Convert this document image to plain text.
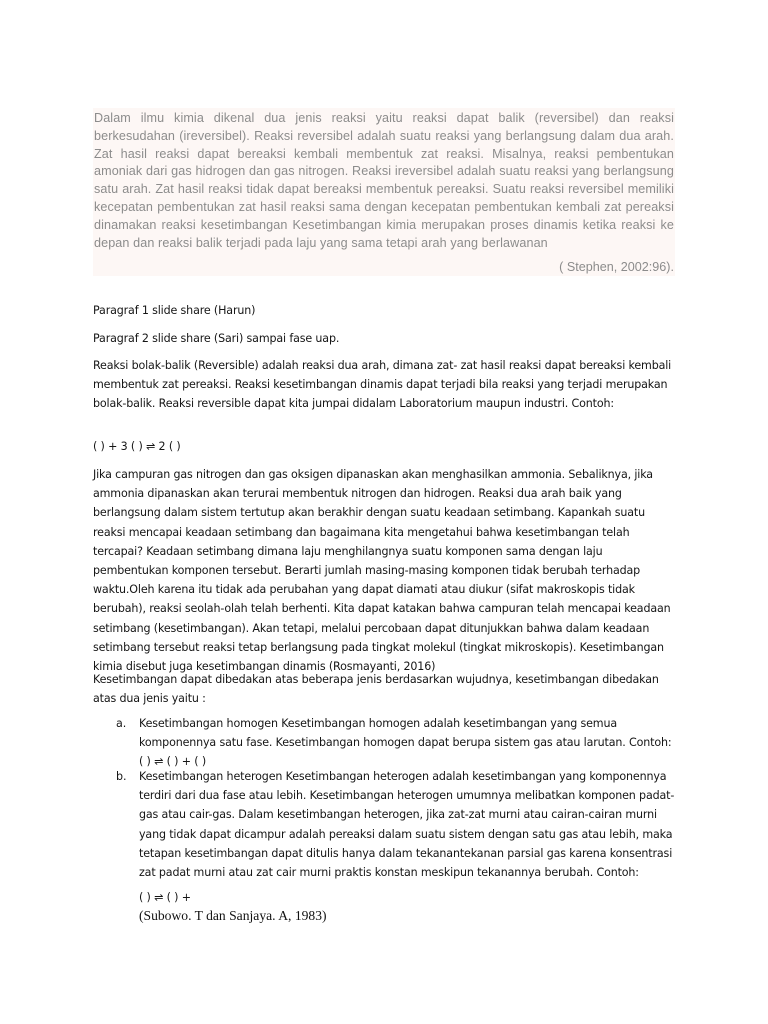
Dalam ilmu kimia dikenal dua jenis reaksi yaitu reaksi dapat balik (reversibel) dan reaksi berkesudahan (ireversibel). Reaksi reversibel adalah suatu reaksi yang berlangsung dalam dua arah. Zat hasil reaksi dapat bereaksi kembali membentuk zat reaksi. Misalnya, reaksi pembentukan amoniak dari gas hidrogen dan gas nitrogen. Reaksi ireversibel adalah suatu reaksi yang berlangsung satu arah. Zat hasil reaksi tidak dapat bereaksi membentuk pereaksi. Suatu reaksi reversibel memiliki kecepatan pembentukan zat hasil reaksi sama dengan kecepatan pembentukan kembali zat pereaksi dinamakan reaksi kesetimbangan Kesetimbangan kimia merupakan proses dinamis ketika reaksi ke depan dan reaksi balik terjadi pada laju yang sama tetapi arah yang berlawanan
( Stephen, 2002:96).
Paragraf 1 slide share (Harun)
Paragraf 2 slide share (Sari) sampai fase uap.
Reaksi bolak-balik (Reversible) adalah reaksi dua arah, dimana zat- zat hasil reaksi dapat bereaksi kembali membentuk zat pereaksi. Reaksi kesetimbangan dinamis dapat terjadi bila reaksi yang terjadi merupakan bolak-balik. Reaksi reversible dapat kita jumpai didalam Laboratorium maupun industri. Contoh:
( ) + 3 ( ) ⇌ 2 ( )
Jika campuran gas nitrogen dan gas oksigen dipanaskan akan menghasilkan ammonia. Sebaliknya, jika ammonia dipanaskan akan terurai membentuk nitrogen dan hidrogen. Reaksi dua arah baik yang berlangsung dalam sistem tertutup akan berakhir dengan suatu keadaan setimbang. Kapankah suatu reaksi mencapai keadaan setimbang dan bagaimana kita mengetahui bahwa kesetimbangan telah tercapai? Keadaan setimbang dimana laju menghilangnya suatu komponen sama dengan laju pembentukan komponen tersebut. Berarti jumlah masing-masing komponen tidak berubah terhadap waktu.Oleh karena itu tidak ada perubahan yang dapat diamati atau diukur (sifat makroskopis tidak berubah), reaksi seolah-olah telah berhenti. Kita dapat katakan bahwa campuran telah mencapai keadaan setimbang (kesetimbangan). Akan tetapi, melalui percobaan dapat ditunjukkan bahwa dalam keadaan setimbang tersebut reaksi tetap berlangsung pada tingkat molekul (tingkat mikroskopis). Kesetimbangan kimia disebut juga kesetimbangan dinamis (Rosmayanti, 2016)
Kesetimbangan dapat dibedakan atas beberapa jenis berdasarkan wujudnya, kesetimbangan dibedakan atas dua jenis yaitu :
a. Kesetimbangan homogen Kesetimbangan homogen adalah kesetimbangan yang semua komponennya satu fase. Kesetimbangan homogen dapat berupa sistem gas atau larutan. Contoh: ( ) ⇌ ( ) + ( )
b. Kesetimbangan heterogen Kesetimbangan heterogen adalah kesetimbangan yang komponennya terdiri dari dua fase atau lebih. Kesetimbangan heterogen umumnya melibatkan komponen padat-gas atau cair-gas. Dalam kesetimbangan heterogen, jika zat-zat murni atau cairan-cairan murni yang tidak dapat dicampur adalah pereaksi dalam suatu sistem dengan satu gas atau lebih, maka tetapan kesetimbangan dapat ditulis hanya dalam tekanantekanan parsial gas karena konsentrasi zat padat murni atau zat cair murni praktis konstan meskipun tekanannya berubah. Contoh:
( ) ⇌ ( ) +
(Subowo. T dan Sanjaya. A, 1983)
